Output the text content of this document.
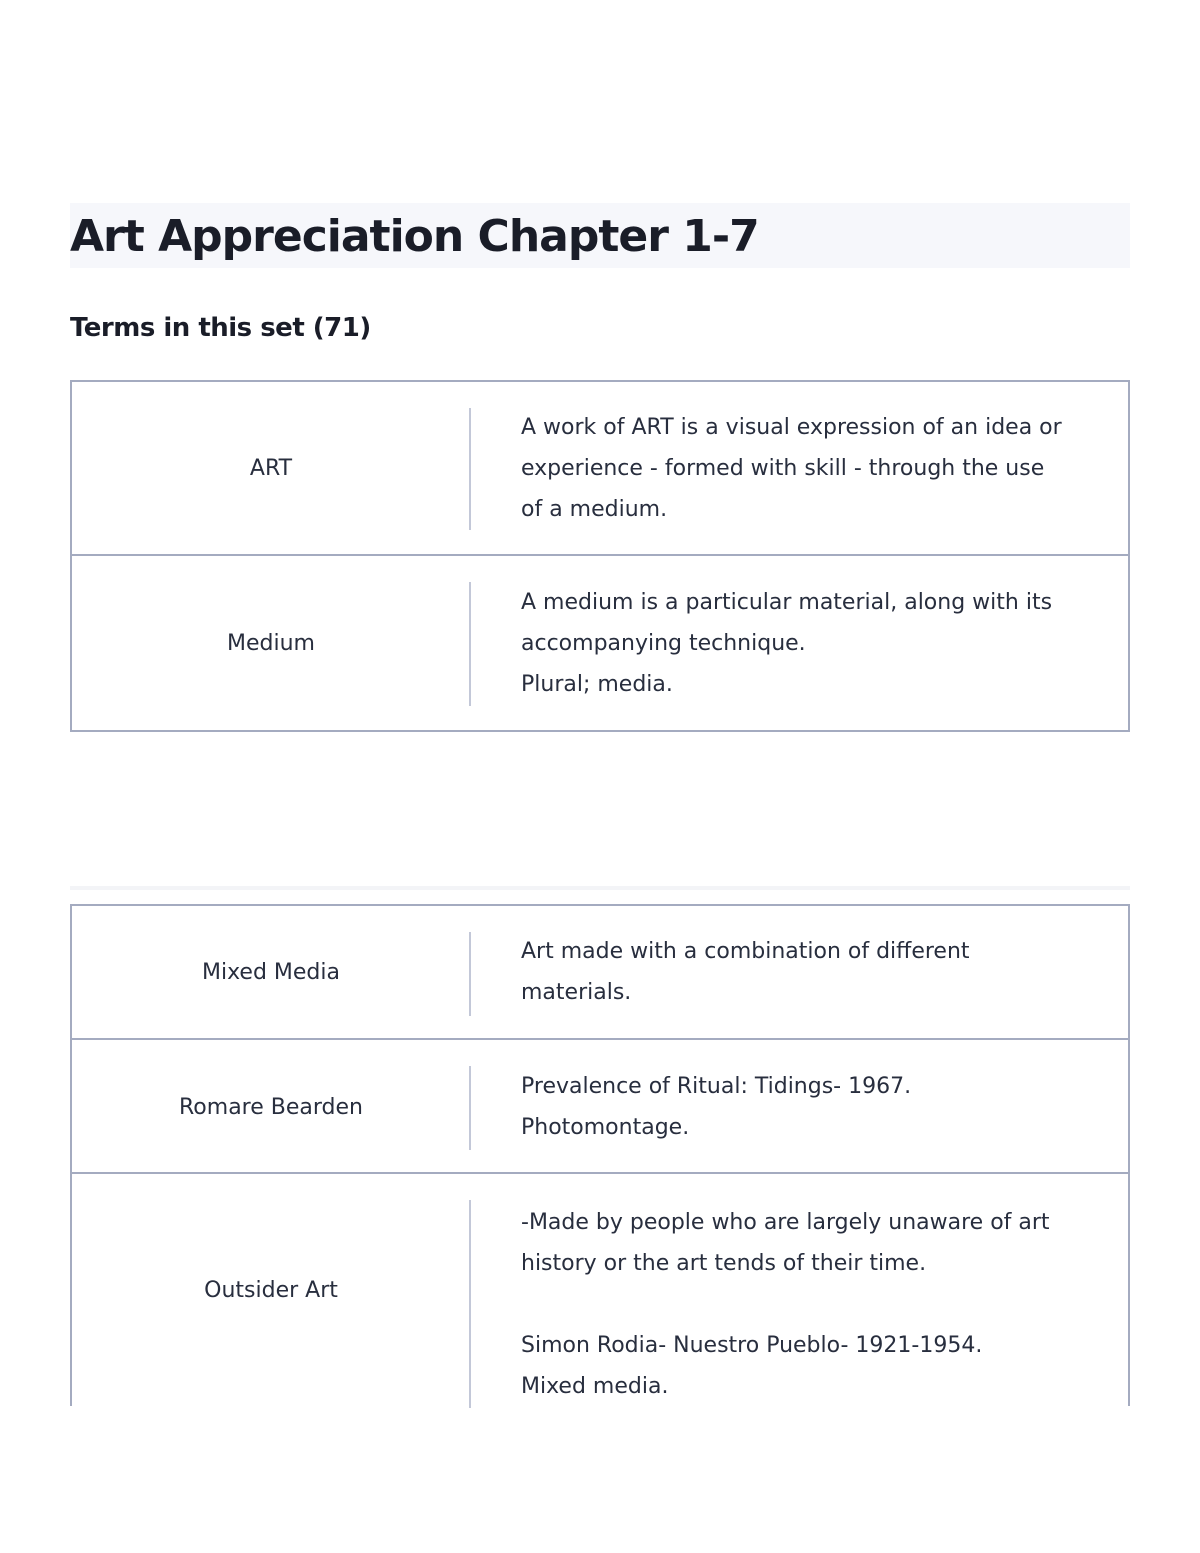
Art Appreciation Chapter 1-7
Terms in this set (71)
ART
A work of ART is a visual expression of an idea or experience - formed with skill - through the use of a medium.
Medium
A medium is a particular material, along with its accompanying technique.
Plural; media.
Mixed Media
Art made with a combination of different materials.
Romare Bearden
Prevalence of Ritual: Tidings- 1967.
Photomontage.
Outsider Art
-Made by people who are largely unaware of art history or the art tends of their time.

Simon Rodia- Nuestro Pueblo- 1921-1954.
Mixed media.
